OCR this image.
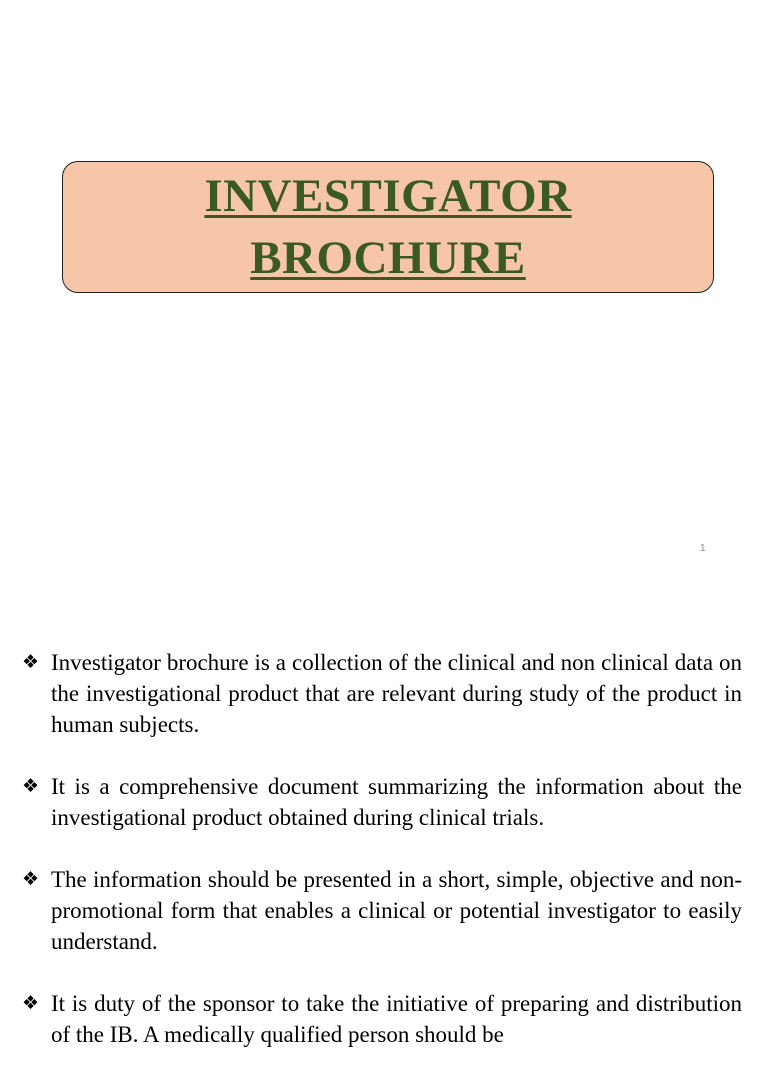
INVESTIGATOR
BROCHURE
1
❖ Investigator brochure is a collection of the clinical and non clinical data on the investigational product that are relevant during study of the product in human subjects.
❖ It is a comprehensive document summarizing the information about the investigational product obtained during clinical trials.
❖ The information should be presented in a short, simple, objective and non-promotional form that enables a clinical or potential investigator to easily understand.
❖ It is duty of the sponsor to take the initiative of preparing and distribution of the IB. A medically qualified person should be
